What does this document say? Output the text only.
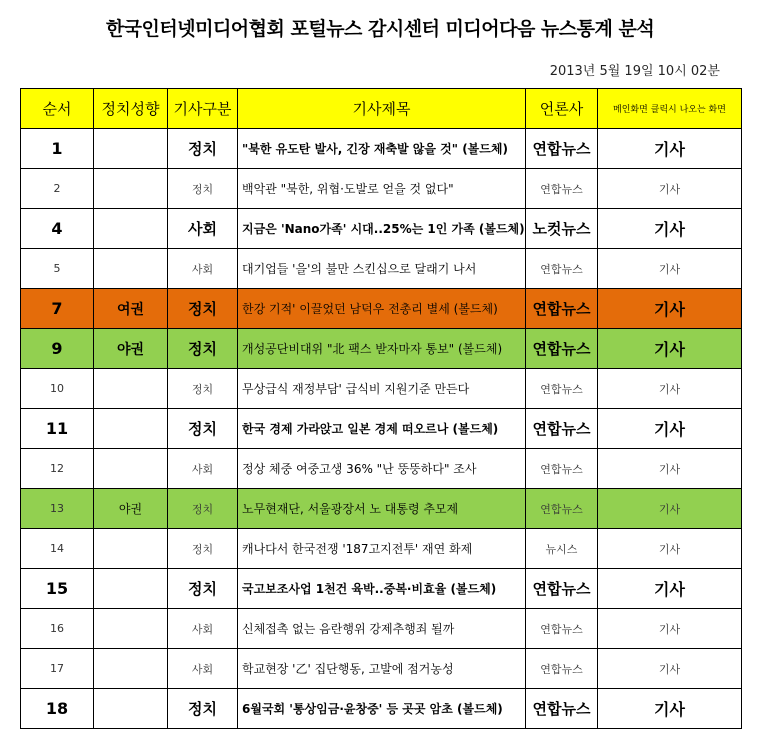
한국인터넷미디어협회 포털뉴스 감시센터 미디어다음 뉴스통계 분석
2013년 5월 19일 10시 02분
순서	정치성향	기사구분	기사제목	언론사	메인화면 클릭시 나오는 화면
1		정치	"북한 유도탄 발사, 긴장 재축발 않을 것" (볼드체)	연합뉴스	기사
2		정치	백악관 "북한, 위협·도발로 얻을 것 없다"	연합뉴스	기사
4		사회	지금은 'Nano가족' 시대..25%는 1인 가족 (볼드체)	노컷뉴스	기사
5		사회	대기업들 '을'의 불만 스킨십으로 달래기 나서	연합뉴스	기사
7	여권	정치	한강 기적' 이끌었던 남덕우 전총리 별세 (볼드체)	연합뉴스	기사
9	야권	정치	개성공단비대위 "北 팩스 받자마자 통보" (볼드체)	연합뉴스	기사
10		정치	무상급식 재정부담' 급식비 지원기준 만든다	연합뉴스	기사
11		정치	한국 경제 가라앉고 일본 경제 떠오르나 (볼드체)	연합뉴스	기사
12		사회	정상 체중 여중고생 36% "난 뚱뚱하다" 조사	연합뉴스	기사
13	야권	정치	노무현재단, 서울광장서 노 대통령 추모제	연합뉴스	기사
14		정치	캐나다서 한국전쟁 '187고지전투' 재연 화제	뉴시스	기사
15		정치	국고보조사업 1천건 육박..중복·비효율 (볼드체)	연합뉴스	기사
16		사회	신체접촉 없는 음란행위 강제추행죄 될까	연합뉴스	기사
17		사회	학교현장 '乙' 집단행동, 고발에 점거농성	연합뉴스	기사
18		정치	6월국회 '통상임금·윤창중' 등 곳곳 암초 (볼드체)	연합뉴스	기사
